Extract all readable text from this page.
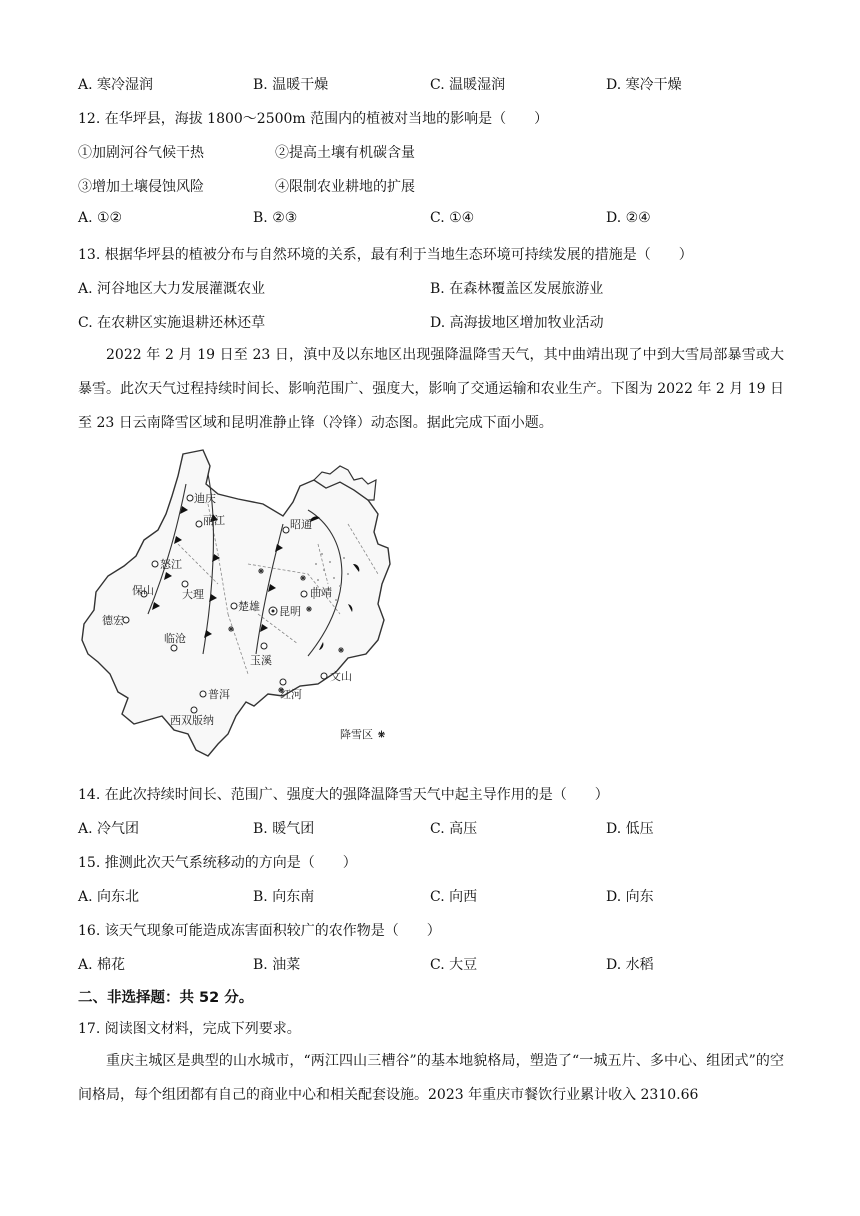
A. 寒冷湿润	B. 温暖干燥	C. 温暖湿润	D. 寒冷干燥
12. 在华坪县，海拔 1800～2500m 范围内的植被对当地的影响是（　　）
①加剧河谷气候干热	②提高土壤有机碳含量
③增加土壤侵蚀风险	④限制农业耕地的扩展
A. ①②	B. ②③	C. ①④	D. ②④
13. 根据华坪县的植被分布与自然环境的关系，最有利于当地生态环境可持续发展的措施是（　　）
A. 河谷地区大力发展灌溉农业	B. 在森林覆盖区发展旅游业
C. 在农耕区实施退耕还林还草	D. 高海拔地区增加牧业活动
2022 年 2 月 19 日至 23 日，滇中及以东地区出现强降温降雪天气，其中曲靖出现了中到大雪局部暴雪或大暴雪。此次天气过程持续时间长、影响范围广、强度大，影响了交通运输和农业生产。下图为 2022 年 2 月 19 日至 23 日云南降雪区域和昆明准静止锋（冷锋）动态图。据此完成下面小题。
迪庆
丽江
怒江
大理
保山
德宏
临沧
楚雄 昆明
曲靖
昭通
玉溪
文山
红河
普洱
西双版纳
降雪区
14. 在此次持续时间长、范围广、强度大的强降温降雪天气中起主导作用的是（　　）
A. 冷气团	B. 暖气团	C. 高压	D. 低压
15. 推测此次天气系统移动的方向是（　　）
A. 向东北	B. 向东南	C. 向西	D. 向东
16. 该天气现象可能造成冻害面积较广的农作物是（　　）
A. 棉花	B. 油菜	C. 大豆	D. 水稻
二、非选择题：共 52 分。
17. 阅读图文材料，完成下列要求。
重庆主城区是典型的山水城市，“两江四山三槽谷”的基本地貌格局，塑造了“一城五片、多中心、组团式”的空间格局，每个组团都有自己的商业中心和相关配套设施。2023 年重庆市餐饮行业累计收入 2310.66
